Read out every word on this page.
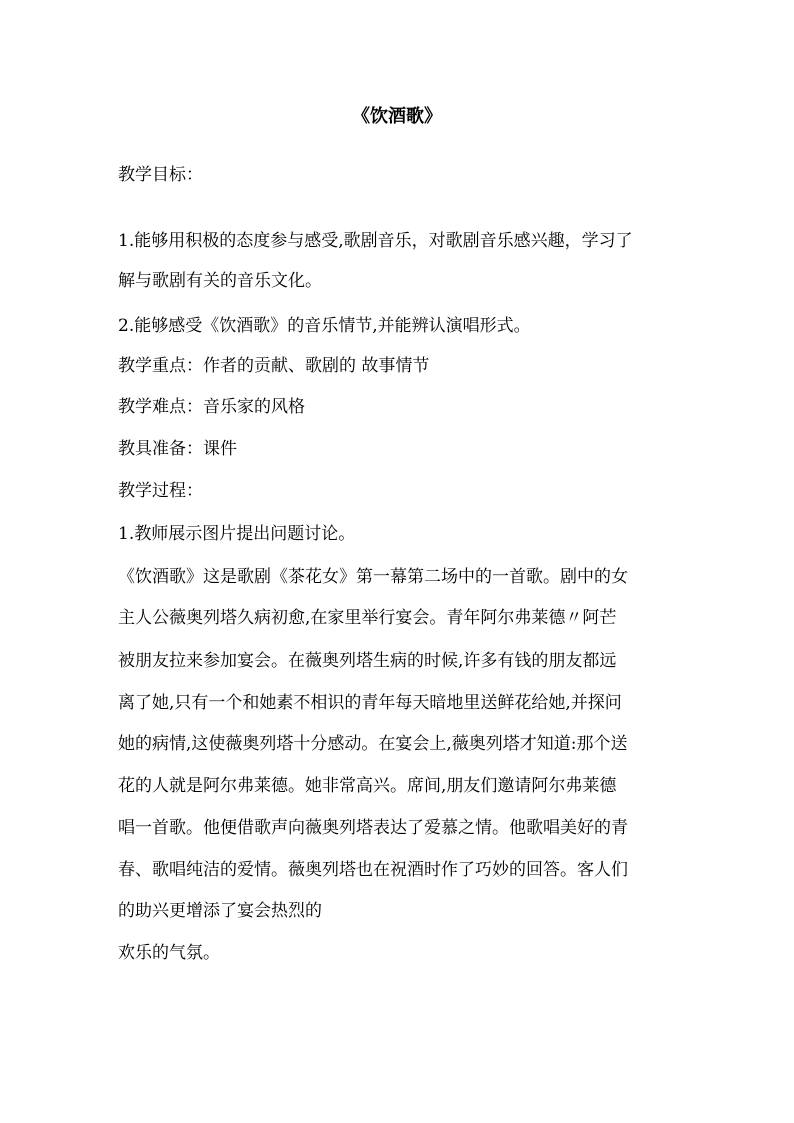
《饮酒歌》
教学目标：
1.能够用积极的态度参与感受,歌剧音乐，对歌剧音乐感兴趣，学习了
解与歌剧有关的音乐文化。
2.能够感受《饮酒歌》的音乐情节,并能辨认演唱形式。
教学重点：作者的贡献、歌剧的 故事情节
教学难点：音乐家的风格
教具准备：课件
教学过程：
1.教师展示图片提出问题讨论。
《饮酒歌》这是歌剧《茶花女》第一幕第二场中的一首歌。剧中的女
主人公薇奥列塔久病初愈,在家里举行宴会。青年阿尔弗莱德〃阿芒
被朋友拉来参加宴会。在薇奥列塔生病的时候,许多有钱的朋友都远
离了她,只有一个和她素不相识的青年每天暗地里送鲜花给她,并探问
她的病情,这使薇奥列塔十分感动。在宴会上,薇奥列塔才知道:那个送
花的人就是阿尔弗莱德。她非常高兴。席间,朋友们邀请阿尔弗莱德
唱一首歌。他便借歌声向薇奥列塔表达了爱慕之情。他歌唱美好的青
春、歌唱纯洁的爱情。薇奥列塔也在祝酒时作了巧妙的回答。客人们
的助兴更增添了宴会热烈的
欢乐的气氛。
